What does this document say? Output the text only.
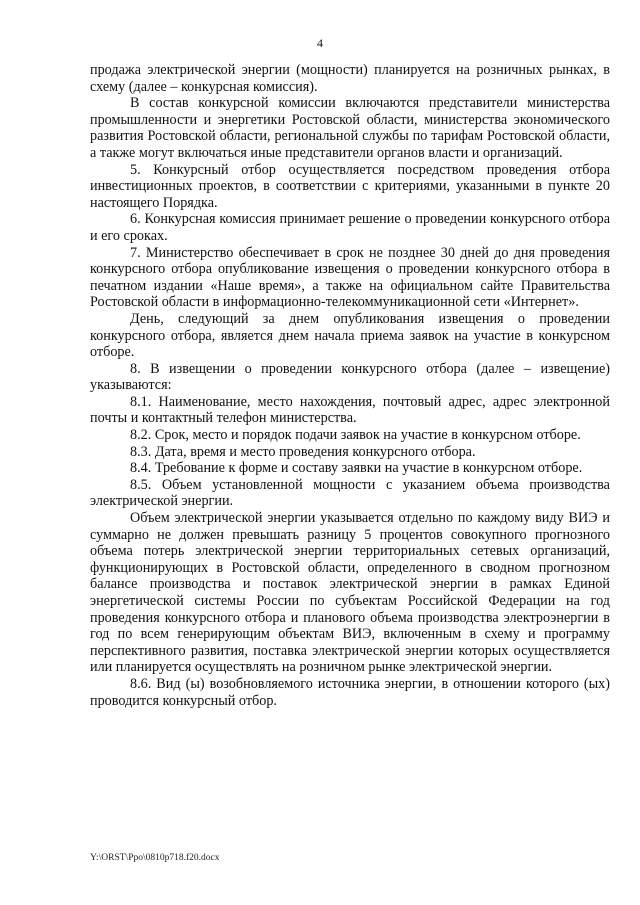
4

продажа электрической энергии (мощности) планируется на розничных рынках, в схему (далее – конкурсная комиссия).

В состав конкурсной комиссии включаются представители министерства промышленности и энергетики Ростовской области, министерства экономического развития Ростовской области, региональной службы по тарифам Ростовской области, а также могут включаться иные представители органов власти и организаций.

5. Конкурсный отбор осуществляется посредством проведения отбора инвестиционных проектов, в соответствии с критериями, указанными в пункте 20 настоящего Порядка.

6. Конкурсная комиссия принимает решение о проведении конкурсного отбора и его сроках.

7. Министерство обеспечивает в срок не позднее 30 дней до дня проведения конкурсного отбора опубликование извещения о проведении конкурсного отбора в печатном издании «Наше время», а также на официальном сайте Правительства Ростовской области в информационно-телекоммуникационной сети «Интернет».

День, следующий за днем опубликования извещения о проведении конкурсного отбора, является днем начала приема заявок на участие в конкурсном отборе.

8. В извещении о проведении конкурсного отбора (далее – извещение) указываются:

8.1. Наименование, место нахождения, почтовый адрес, адрес электронной почты и контактный телефон министерства.

8.2. Срок, место и порядок подачи заявок на участие в конкурсном отборе.

8.3. Дата, время и место проведения конкурсного отбора.

8.4. Требование к форме и составу заявки на участие в конкурсном отборе.

8.5. Объем установленной мощности с указанием объема производства электрической энергии.

Объем электрической энергии указывается отдельно по каждому виду ВИЭ и суммарно не должен превышать разницу 5 процентов совокупного прогнозного объема потерь электрической энергии территориальных сетевых организаций, функционирующих в Ростовской области, определенного в сводном прогнозном балансе производства и поставок электрической энергии в рамках Единой энергетической системы России по субъектам Российской Федерации на год проведения конкурсного отбора и планового объема производства электроэнергии в год по всем генерирующим объектам ВИЭ, включенным в схему и программу перспективного развития, поставка электрической энергии которых осуществляется или планируется осуществлять на розничном рынке электрической энергии.

8.6. Вид (ы) возобновляемого источника энергии, в отношении которого (ых) проводится конкурсный отбор.

Y:\ORST\Ppo\0810p718.f20.docx
